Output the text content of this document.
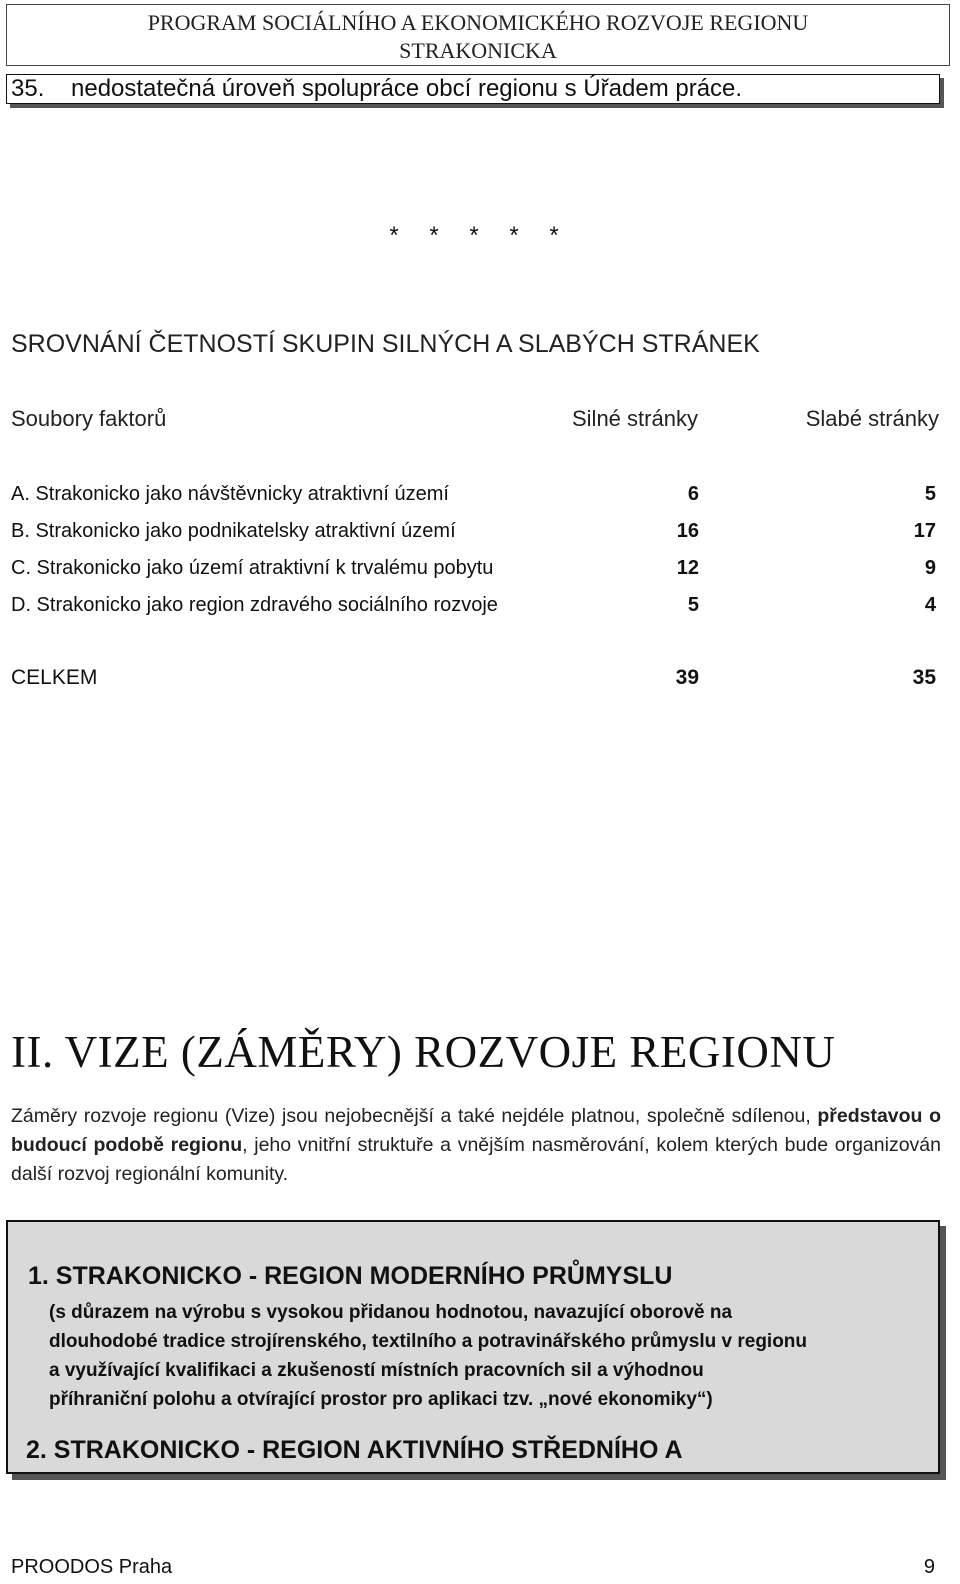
PROGRAM SOCIÁLNÍHO A EKONOMICKÉHO ROZVOJE REGIONU
STRAKONICKA
35. nedostatečná úroveň spolupráce obcí regionu s Úřadem práce.
* * * * *
SROVNÁNÍ ČETNOSTÍ SKUPIN SILNÝCH A SLABÝCH STRÁNEK
Soubory faktorů	Silné stránky	Slabé stránky
A. Strakonicko jako návštěvnicky atraktivní území	6	5
B. Strakonicko jako podnikatelsky atraktivní území	16	17
C. Strakonicko jako území atraktivní k trvalému pobytu	12	9
D. Strakonicko jako region zdravého sociálního rozvoje	5	4
CELKEM	39	35
II. VIZE (ZÁMĚRY) ROZVOJE REGIONU
Záměry rozvoje regionu (Vize) jsou nejobecnější a také nejdéle platnou, společně sdílenou, představou o budoucí podobě regionu, jeho vnitřní struktuře a vnějším nasměrování, kolem kterých bude organizován další rozvoj regionální komunity.
1. STRAKONICKO - REGION MODERNÍHO PRŮMYSLU
(s důrazem na výrobu s vysokou přidanou hodnotou, navazující oborově na
dlouhodobé tradice strojírenského, textilního a potravinářského průmyslu v regionu
a využívající kvalifikaci a zkušeností místních pracovních sil a výhodnou
příhraniční polohu a otvírající prostor pro aplikaci tzv. „nové ekonomiky“)
2. STRAKONICKO - REGION AKTIVNÍHO STŘEDNÍHO A
PROODOS Praha	9
